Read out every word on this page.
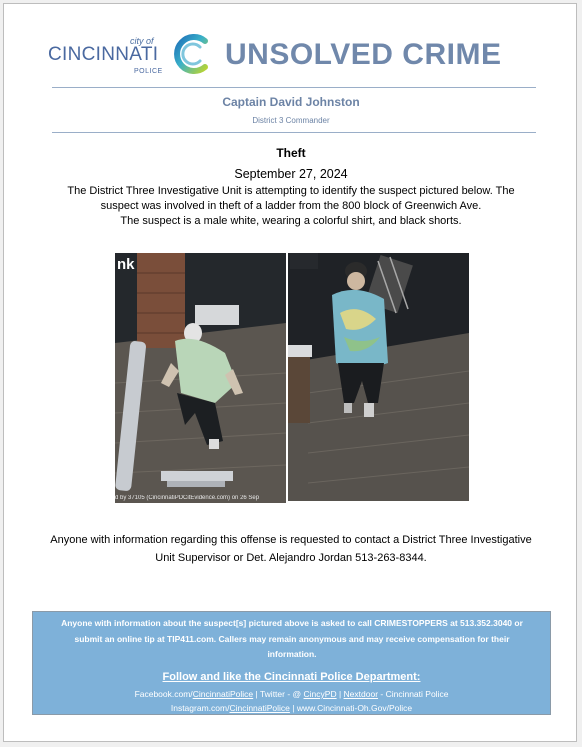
city of
CINCINNATI
POLICE
UNSOLVED CRIME
Captain David Johnston
District 3 Commander
Theft
September 27, 2024
The District Three Investigative Unit is attempting to identify the suspect pictured below. The suspect was involved in theft of a ladder from the 800 block of Greenwich Ave.
The suspect is a male white, wearing a colorful shirt, and black shorts.
nk
d by 37105 (CincinnatiPDCitEvidence.com) on 26 Sep
Anyone with information regarding this offense is requested to contact a District Three Investigative Unit Supervisor or Det. Alejandro Jordan 513-263-8344.
Anyone with information about the suspect[s] pictured above is asked to call CRIMESTOPPERS at 513.352.3040 or submit an online tip at TIP411.com. Callers may remain anonymous and may receive compensation for their information.
Follow and like the Cincinnati Police Department:
Facebook.com/CincinnatiPolice | Twitter - @ CincyPD | Nextdoor - Cincinnati Police
Instagram.com/CincinnatiPolice | www.Cincinnati-Oh.Gov/Police
